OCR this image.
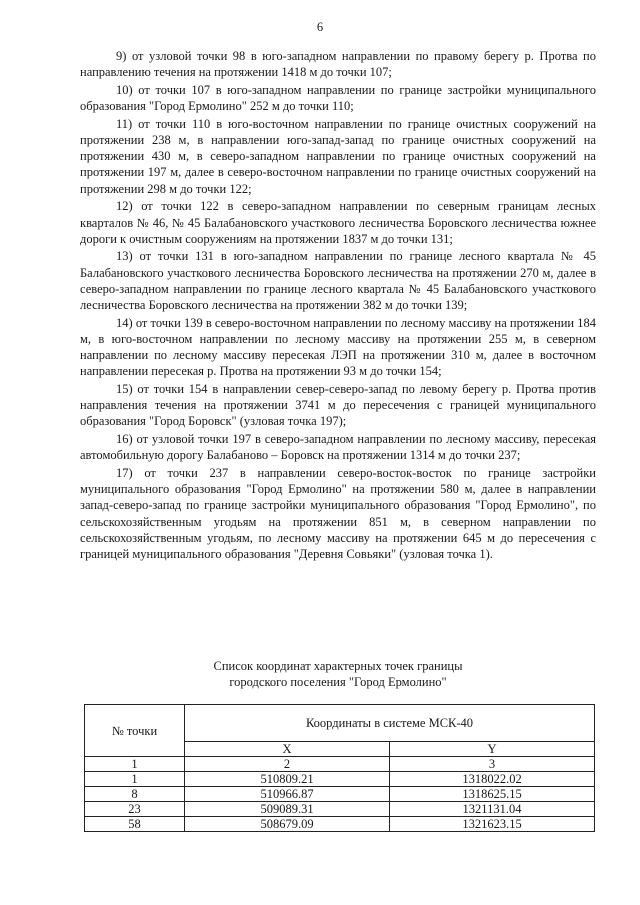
6

9) от узловой точки 98 в юго-западном направлении по правому берегу р. Протва по направлению течения на протяжении 1418 м до точки 107;

10) от точки 107 в юго-западном направлении по границе застройки муниципального образования "Город Ермолино" 252 м до точки 110;

11) от точки 110 в юго-восточном направлении по границе очистных сооружений на протяжении 238 м, в направлении юго-запад-запад по границе очистных сооружений на протяжении 430 м, в северо-западном направлении по границе очистных сооружений на протяжении 197 м, далее в северо-восточном направлении по границе очистных сооружений на протяжении 298 м до точки 122;

12) от точки 122 в северо-западном направлении по северным границам лесных кварталов № 46, № 45 Балабановского участкового лесничества Боровского лесничества южнее дороги к очистным сооружениям на протяжении 1837 м до точки 131;

13) от точки 131 в юго-западном направлении по границе лесного квартала № 45 Балабановского участкового лесничества Боровского лесничества на протяжении 270 м, далее в северо-западном направлении по границе лесного квартала № 45 Балабановского участкового лесничества Боровского лесничества на протяжении 382 м до точки 139;

14) от точки 139 в северо-восточном направлении по лесному массиву на протяжении 184 м, в юго-восточном направлении по лесному массиву на протяжении 255 м, в северном направлении по лесному массиву пересекая ЛЭП на протяжении 310 м, далее в восточном направлении пересекая р. Протва на протяжении 93 м до точки 154;

15) от точки 154 в направлении север-северо-запад по левому берегу р. Протва против направления течения на протяжении 3741 м до пересечения с границей муниципального образования "Город Боровск" (узловая точка 197);

16) от узловой точки 197 в северо-западном направлении по лесному массиву, пересекая автомобильную дорогу Балабаново – Боровск на протяжении 1314 м до точки 237;

17) от точки 237 в направлении северо-восток-восток по границе застройки муниципального образования "Город Ермолино" на протяжении 580 м, далее в направлении запад-северо-запад по границе застройки муниципального образования "Город Ермолино", по сельскохозяйственным угодьям на протяжении 851 м, в северном направлении по сельскохозяйственным угодьям, по лесному массиву на протяжении 645 м до пересечения с границей муниципального образования "Деревня Совьяки" (узловая точка 1).

Список координат характерных точек границы
городского поселения "Город Ермолино"
№ точки	Координаты в системе МСК-40	
	X	Y
1	2	3
1	510809.21	1318022.02
8	510966.87	1318625.15
23	509089.31	1321131.04
58	508679.09	1321623.15
